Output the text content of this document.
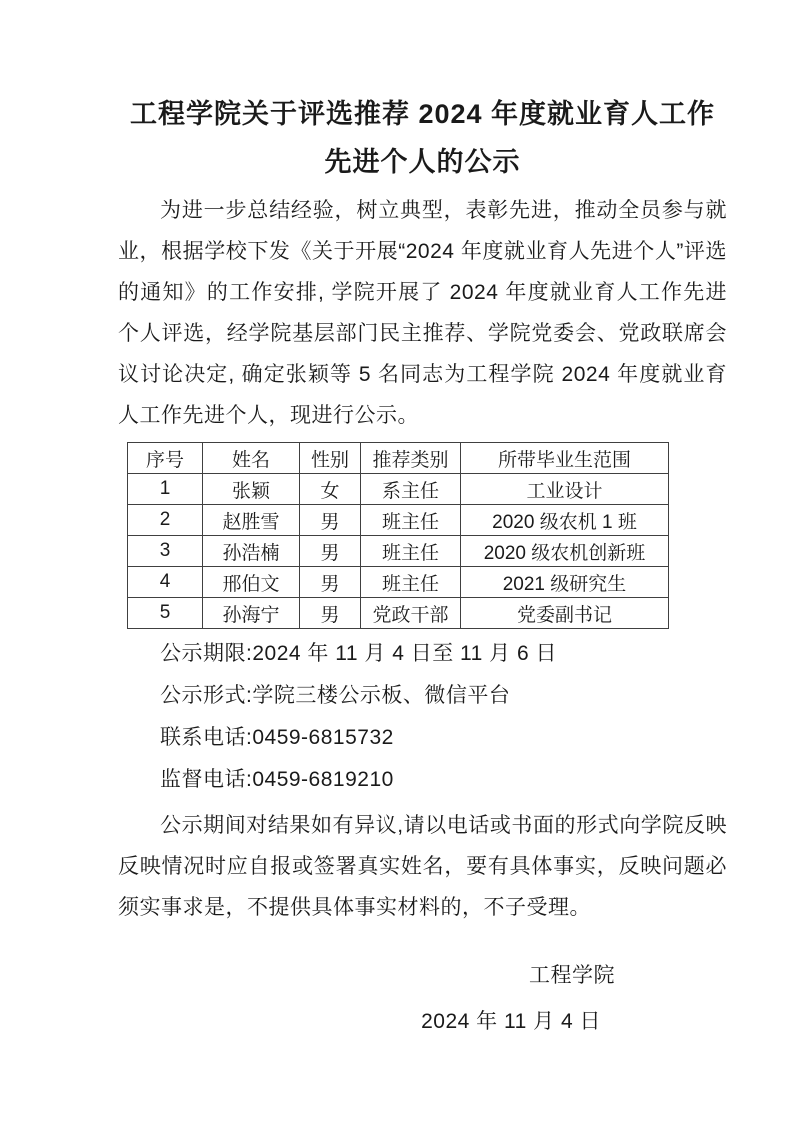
工程学院关于评选推荐 2024 年度就业育人工作
先进个人的公示

为进一步总结经验，树立典型，表彰先进，推动全员参与就业，根据学校下发《关于开展“2024 年度就业育人先进个人”评选的通知》的工作安排, 学院开展了 2024 年度就业育人工作先进个人评选，经学院基层部门民主推荐、学院党委会、党政联席会议讨论决定, 确定张颖等 5 名同志为工程学院 2024 年度就业育人工作先进个人，现进行公示。

序号	姓名	性别	推荐类别	所带毕业生范围
1	张颖	女	系主任	工业设计
2	赵胜雪	男	班主任	2020 级农机 1 班
3	孙浩楠	男	班主任	2020 级农机创新班
4	邢伯文	男	班主任	2021 级研究生
5	孙海宁	男	党政干部	党委副书记

公示期限:2024 年 11 月 4 日至 11 月 6 日

公示形式:学院三楼公示板、微信平台

联系电话:0459-6815732

监督电话:0459-6819210

公示期间对结果如有异议,请以电话或书面的形式向学院反映反映情况时应自报或签署真实姓名，要有具体事实，反映问题必须实事求是，不提供具体事实材料的，不子受理。

工程学院

2024 年 11 月 4 日
